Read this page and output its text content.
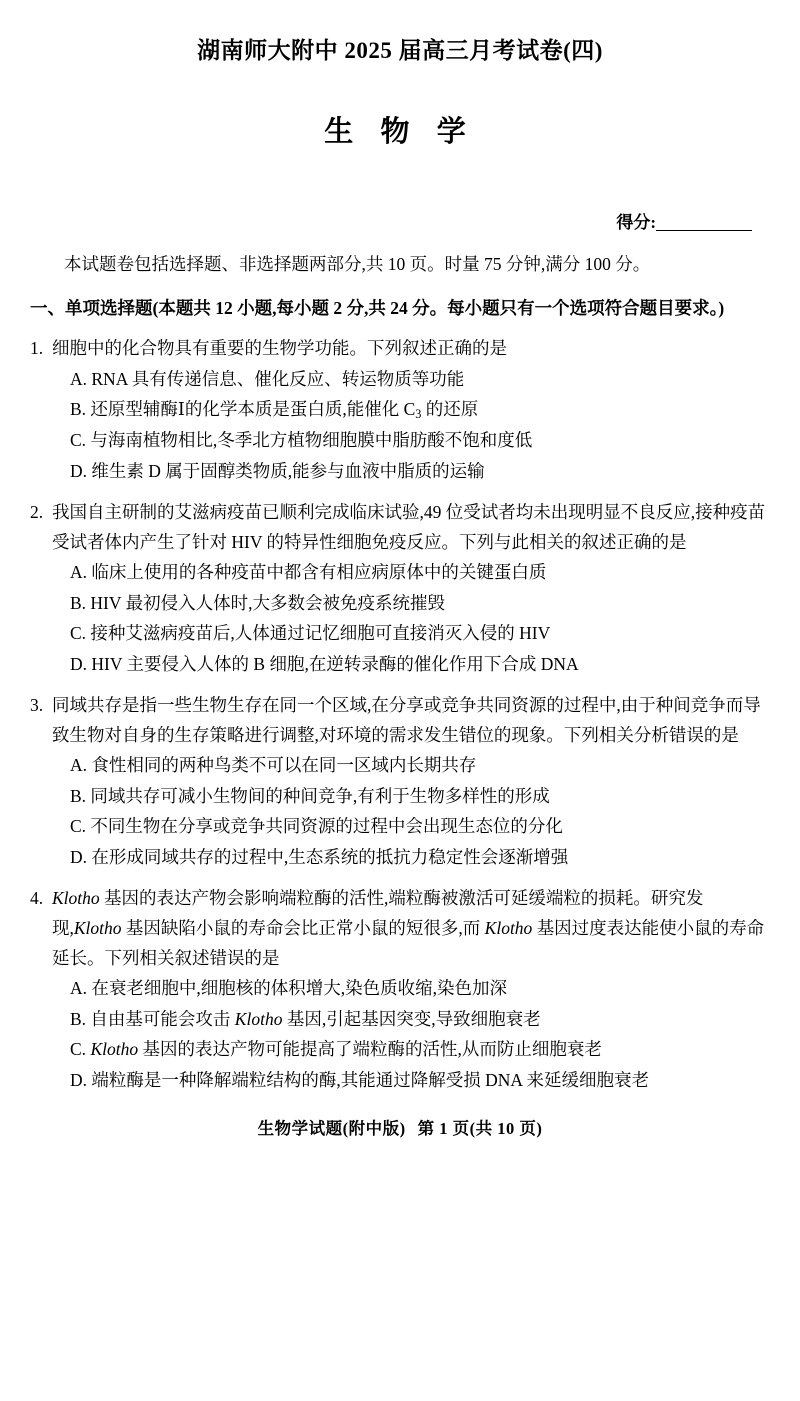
湖南师大附中 2025 届高三月考试卷(四)
生 物 学
得分:
本试题卷包括选择题、非选择题两部分,共 10 页。时量 75 分钟,满分 100 分。
一、单项选择题(本题共 12 小题,每小题 2 分,共 24 分。每小题只有一个选项符合题目要求。)
1. 细胞中的化合物具有重要的生物学功能。下列叙述正确的是
A. RNA 具有传递信息、催化反应、转运物质等功能
B. 还原型辅酶Ⅰ的化学本质是蛋白质,能催化 $C_3$ 的还原
C. 与海南植物相比,冬季北方植物细胞膜中脂肪酸不饱和度低
D. 维生素 D 属于固醇类物质,能参与血液中脂质的运输
2. 我国自主研制的艾滋病疫苗已顺利完成临床试验,49 位受试者均未出现明显不良反应,接种疫苗受试者体内产生了针对 HIV 的特异性细胞免疫反应。下列与此相关的叙述正确的是
A. 临床上使用的各种疫苗中都含有相应病原体中的关键蛋白质
B. HIV 最初侵入人体时,大多数会被免疫系统摧毁
C. 接种艾滋病疫苗后,人体通过记忆细胞可直接消灭入侵的 HIV
D. HIV 主要侵入人体的 B 细胞,在逆转录酶的催化作用下合成 DNA
3. 同域共存是指一些生物生存在同一个区域,在分享或竞争共同资源的过程中,由于种间竞争而导致生物对自身的生存策略进行调整,对环境的需求发生错位的现象。下列相关分析错误的是
A. 食性相同的两种鸟类不可以在同一区域内长期共存
B. 同域共存可减小生物间的种间竞争,有利于生物多样性的形成
C. 不同生物在分享或竞争共同资源的过程中会出现生态位的分化
D. 在形成同域共存的过程中,生态系统的抵抗力稳定性会逐渐增强
4. Klotho 基因的表达产物会影响端粒酶的活性,端粒酶被激活可延缓端粒的损耗。研究发现,Klotho 基因缺陷小鼠的寿命会比正常小鼠的短很多,而 Klotho 基因过度表达能使小鼠的寿命延长。下列相关叙述错误的是
A. 在衰老细胞中,细胞核的体积增大,染色质收缩,染色加深
B. 自由基可能会攻击 Klotho 基因,引起基因突变,导致细胞衰老
C. Klotho 基因的表达产物可能提高了端粒酶的活性,从而防止细胞衰老
D. 端粒酶是一种降解端粒结构的酶,其能通过降解受损 DNA 来延缓细胞衰老
生物学试题(附中版) 第 1 页(共 10 页)
